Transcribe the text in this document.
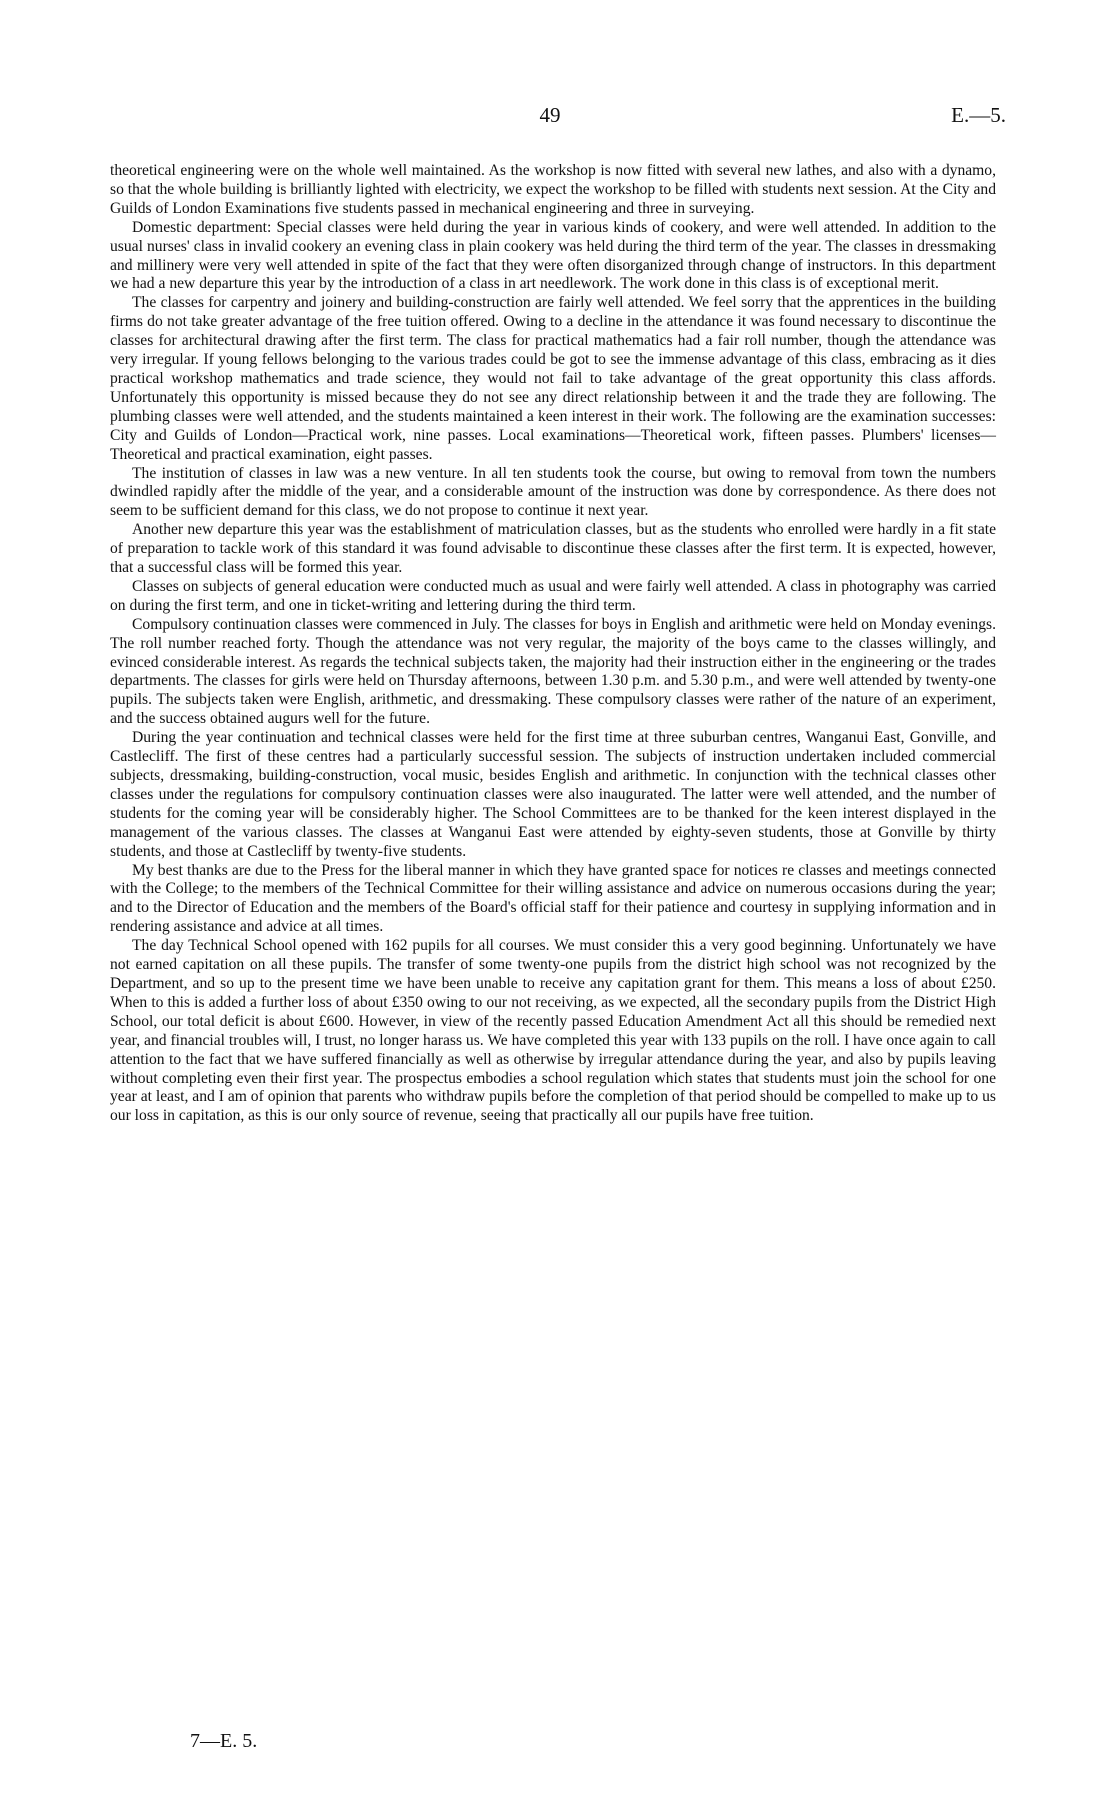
49	E.—5.

theoretical engineering were on the whole well maintained. As the workshop is now fitted with several new lathes, and also with a dynamo, so that the whole building is brilliantly lighted with electricity, we expect the workshop to be filled with students next session. At the City and Guilds of London Examinations five students passed in mechanical engineering and three in surveying.

Domestic department: Special classes were held during the year in various kinds of cookery, and were well attended. In addition to the usual nurses' class in invalid cookery an evening class in plain cookery was held during the third term of the year. The classes in dressmaking and millinery were very well attended in spite of the fact that they were often disorganized through change of instructors. In this department we had a new departure this year by the introduction of a class in art needlework. The work done in this class is of exceptional merit.

The classes for carpentry and joinery and building-construction are fairly well attended. We feel sorry that the apprentices in the building firms do not take greater advantage of the free tuition offered. Owing to a decline in the attendance it was found necessary to discontinue the classes for architectural drawing after the first term. The class for practical mathematics had a fair roll number, though the attendance was very irregular. If young fellows belonging to the various trades could be got to see the immense advantage of this class, embracing as it dies practical workshop mathematics and trade science, they would not fail to take advantage of the great opportunity this class affords. Unfortunately this opportunity is missed because they do not see any direct relationship between it and the trade they are following. The plumbing classes were well attended, and the students maintained a keen interest in their work. The following are the examination successes: City and Guilds of London—Practical work, nine passes. Local examinations—Theoretical work, fifteen passes. Plumbers' licenses—Theoretical and practical examination, eight passes.

The institution of classes in law was a new venture. In all ten students took the course, but owing to removal from town the numbers dwindled rapidly after the middle of the year, and a considerable amount of the instruction was done by correspondence. As there does not seem to be sufficient demand for this class, we do not propose to continue it next year.

Another new departure this year was the establishment of matriculation classes, but as the students who enrolled were hardly in a fit state of preparation to tackle work of this standard it was found advisable to discontinue these classes after the first term. It is expected, however, that a successful class will be formed this year.

Classes on subjects of general education were conducted much as usual and were fairly well attended. A class in photography was carried on during the first term, and one in ticket-writing and lettering during the third term.

Compulsory continuation classes were commenced in July. The classes for boys in English and arithmetic were held on Monday evenings. The roll number reached forty. Though the attendance was not very regular, the majority of the boys came to the classes willingly, and evinced considerable interest. As regards the technical subjects taken, the majority had their instruction either in the engineering or the trades departments. The classes for girls were held on Thursday afternoons, between 1.30 p.m. and 5.30 p.m., and were well attended by twenty-one pupils. The subjects taken were English, arithmetic, and dressmaking. These compulsory classes were rather of the nature of an experiment, and the success obtained augurs well for the future.

During the year continuation and technical classes were held for the first time at three suburban centres, Wanganui East, Gonville, and Castlecliff. The first of these centres had a particularly successful session. The subjects of instruction undertaken included commercial subjects, dressmaking, building-construction, vocal music, besides English and arithmetic. In conjunction with the technical classes other classes under the regulations for compulsory continuation classes were also inaugurated. The latter were well attended, and the number of students for the coming year will be considerably higher. The School Committees are to be thanked for the keen interest displayed in the management of the various classes. The classes at Wanganui East were attended by eighty-seven students, those at Gonville by thirty students, and those at Castlecliff by twenty-five students.

My best thanks are due to the Press for the liberal manner in which they have granted space for notices re classes and meetings connected with the College; to the members of the Technical Committee for their willing assistance and advice on numerous occasions during the year; and to the Director of Education and the members of the Board's official staff for their patience and courtesy in supplying information and in rendering assistance and advice at all times.

The day Technical School opened with 162 pupils for all courses. We must consider this a very good beginning. Unfortunately we have not earned capitation on all these pupils. The transfer of some twenty-one pupils from the district high school was not recognized by the Department, and so up to the present time we have been unable to receive any capitation grant for them. This means a loss of about £250. When to this is added a further loss of about £350 owing to our not receiving, as we expected, all the secondary pupils from the District High School, our total deficit is about £600. However, in view of the recently passed Education Amendment Act all this should be remedied next year, and financial troubles will, I trust, no longer harass us. We have completed this year with 133 pupils on the roll. I have once again to call attention to the fact that we have suffered financially as well as otherwise by irregular attendance during the year, and also by pupils leaving without completing even their first year. The prospectus embodies a school regulation which states that students must join the school for one year at least, and I am of opinion that parents who withdraw pupils before the completion of that period should be compelled to make up to us our loss in capitation, as this is our only source of revenue, seeing that practically all our pupils have free tuition.

7—E. 5.
